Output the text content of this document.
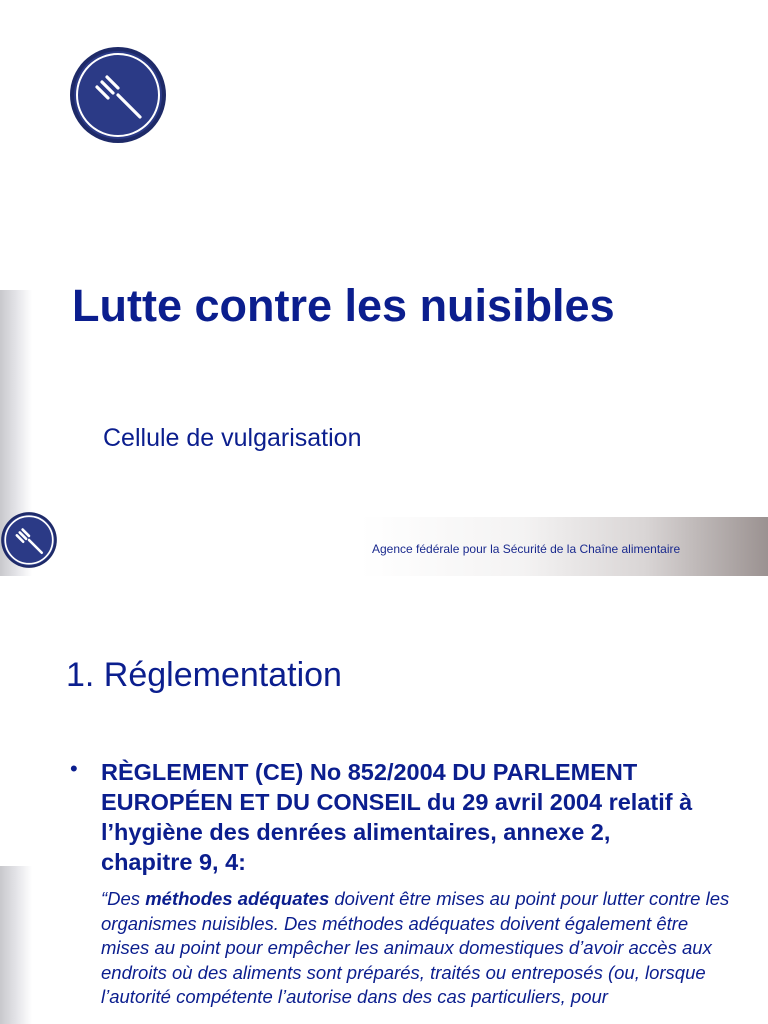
Lutte contre les nuisibles
Cellule de vulgarisation
Agence fédérale pour la Sécurité de la Chaîne alimentaire
1. Réglementation
• RÈGLEMENT (CE) No 852/2004 DU PARLEMENT EUROPÉEN ET DU CONSEIL du 29 avril 2004 relatif à l’hygiène des denrées alimentaires, annexe 2, chapitre 9, 4:
“Des méthodes adéquates doivent être mises au point pour lutter contre les organismes nuisibles. Des méthodes adéquates doivent également être mises au point pour empêcher les animaux domestiques d’avoir accès aux endroits où des aliments sont préparés, traités ou entreposés (ou, lorsque l’autorité compétente l’autorise dans des cas particuliers, pour
